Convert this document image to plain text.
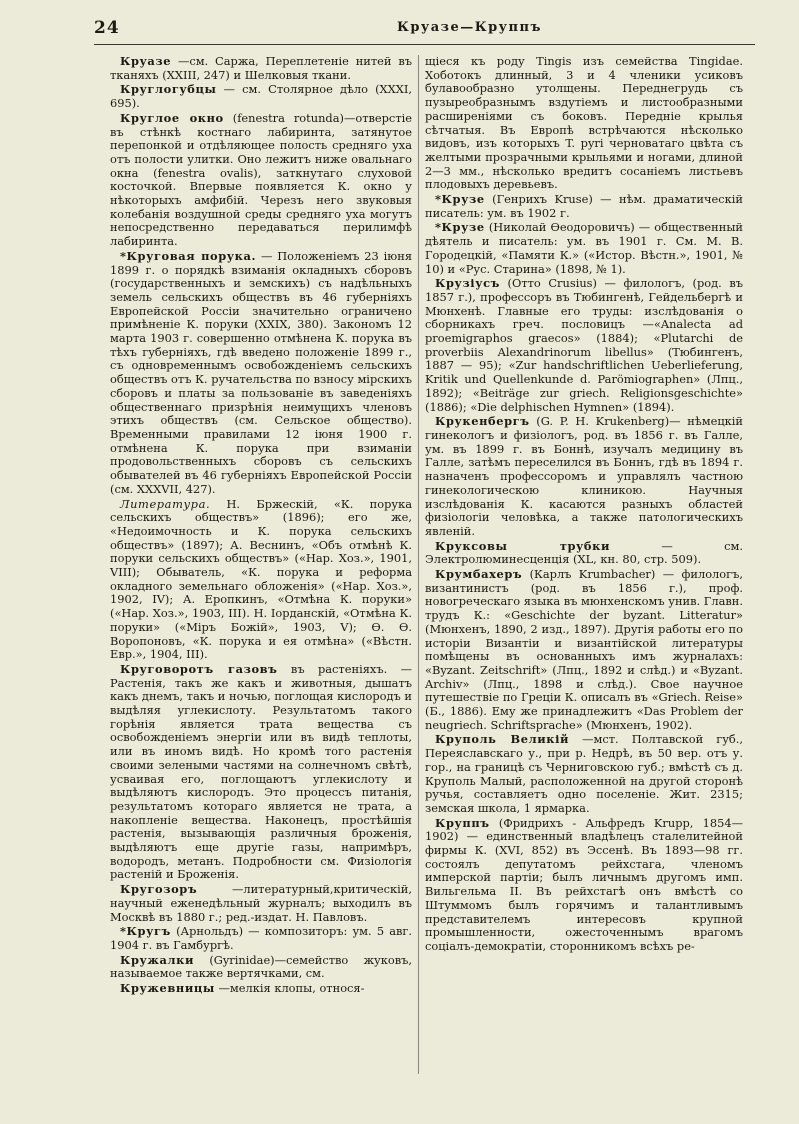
24	Круазе—Круппъ

Круазе —см. Саржа, Переплетеніе нитей въ тканяхъ (XXIII, 247) и Шелковыя ткани.

Круглогубцы — см. Столярное дѣло (XXXI, 695).

Круглое окно (fenestra rotunda)—отверстіе въ стѣнкѣ костнаго лабиринта, затянутое перепонкой и отдѣляющее полость средняго уха отъ полости улитки. Оно лежитъ ниже овальнаго окна (fenestra ovalis), заткнутаго слуховой косточкой. Впервые появляется К. окно у нѣкоторыхъ амфибій. Черезъ него звуковыя колебанія воздушной среды средняго уха могутъ непосредственно передаваться перилимфѣ лабиринта.

*Круговая порука. — Положеніемъ 23 іюня 1899 г. о порядкѣ взиманія окладныхъ сборовъ (государственныхъ и земскихъ) съ надѣльныхъ земель сельскихъ обществъ въ 46 губерніяхъ Европейской Россіи значительно ограничено примѣненіе К. поруки (XXIX, 380). Закономъ 12 марта 1903 г. совершенно отмѣнена К. порука въ тѣхъ губерніяхъ, гдѣ введено положеніе 1899 г., съ одновременнымъ освобожденіемъ сельскихъ обществъ отъ К. ручательства по взносу мірскихъ сборовъ и платы за пользованіе въ заведеніяхъ общественнаго призрѣнія неимущихъ членовъ этихъ обществъ (см. Сельское общество). Временными правилами 12 іюня 1900 г. отмѣнена К. порука при взиманіи продовольственныхъ сборовъ съ сельскихъ обывателей въ 46 губерніяхъ Европейской Россіи (см. XXXVII, 427).

Литература. Н. Бржескій, «К. порука сельскихъ обществъ» (1896); его же, «Недоимочность и К. порука сельскихъ обществъ» (1897); А. Веснинъ, «Объ отмѣнѣ К. поруки сельскихъ обществъ» («Нар. Хоз.», 1901, VIII); Обыватель, «К. порука и реформа окладного земельнаго обложенія» («Нар. Хоз.», 1902, IV); А. Еропкинъ, «Отмѣна К. поруки» («Нар. Хоз.», 1903, III). Н. Іорданскій, «Отмѣна К. поруки» («Міръ Божій», 1903, V); Ө. Ө. Воропоновъ, «К. порука и ея отмѣна» («Вѣстн. Евр.», 1904, III).

Круговоротъ газовъ въ растеніяхъ. —Растенія, такъ же какъ и животныя, дышатъ какъ днемъ, такъ и ночью, поглощая кислородъ и выдѣляя углекислоту. Результатомъ такого горѣнія является трата вещества съ освобожденіемъ энергіи или въ видѣ теплоты, или въ иномъ видѣ. Но кромѣ того растенія своими зелеными частями на солнечномъ свѣтѣ, усваивая его, поглощаютъ углекислоту и выдѣляютъ кислородъ. Это процессъ питанія, результатомъ котораго является не трата, а накопленіе вещества. Наконецъ, простѣйшія растенія, вызывающія различныя броженія, выдѣляютъ еще другіе газы, напримѣръ, водородъ, метанъ. Подробности см. Физіологія растеній и Броженія.

Кругозоръ	—литературный,критическій, научный еженедѣльный журналъ; выходилъ въ Москвѣ въ 1880 г.; ред.-издат. Н. Павловъ.

*Кругъ (Арнольдъ) — композиторъ: ум. 5 авг. 1904 г. въ Гамбургѣ.

Кружалки (Gyrinidae)—семейство жуковъ, называемое также вертячками, см.

Кружевницы —мелкія клопы, относя-

щіеся къ роду Tingis изъ семейства Tingidae. Хоботокъ длинный, 3 и 4 членики усиковъ булавообразно утолщены. Переднегрудь съ пузыреобразнымъ вздутіемъ и листообразными расширеніями съ боковъ. Передніе крылья сѣтчатыя. Въ Европѣ встрѣчаются нѣсколько видовъ, изъ которыхъ T. pyri черноватаго цвѣта съ желтыми прозрачными крыльями и ногами, длиной 2—3 мм., нѣсколько вредитъ сосанiемъ листьевъ плодовыхъ деревьевъ.

*Крузе (Генрихъ Kruse) — нѣм. драматическій писатель: ум. въ 1902 г.

*Крузе (Николай Өеодоровичъ) — общественный дѣятель и писатель: ум. въ 1901 г. См. М. В. Городецкій, «Памяти К.» («Истор. Вѣстн.», 1901, № 10) и «Рус. Старина» (1898, № 1).

Крузіусъ (Отто Crusius) — филологъ, (род. въ 1857 г.), профессоръ въ Тюбингенѣ, Гейдельбергѣ и Мюнхенѣ. Главные его труды: изслѣдованія о сборникахъ греч. пословицъ —«Analecta ad proemigraphos graecos» (1884); «Plutarchi de proverbiis Alexandrinorum libellus» (Тюбингенъ, 1887 — 95); «Zur handschriftlichen Ueberlieferung, Kritik und Quellenkunde d. Parömiographen» (Лпц., 1892); «Beiträge zur griech. Religionsgeschichte» (1886); «Die delphischen Hymnen» (1894).

Крукенбергъ (G. P. H. Krukenberg)— нѣмецкій гинекологъ и физіологъ, род. въ 1856 г. въ Галле, ум. въ 1899 г. въ Боннѣ, изучалъ медицину въ Галле, затѣмъ переселился въ Боннъ, гдѣ въ 1894 г. назначенъ профессоромъ и управлялъ частною гинекологическою клиникою. Научныя изслѣдованія К. касаются разныхъ областей физіологіи человѣка, а также патологическихъ явленій.

Круксовы трубки	— см. Электролюминесценція (XL, кн. 80, стр. 509).

Крумбахеръ (Карлъ Krumbacher) — филологъ, византинистъ (род. въ 1856 г.), проф. новогреческаго языка въ мюнхенскомъ унив. Главн. трудъ К.: «Geschichte der byzant. Litteratur» (Мюнхенъ, 1890, 2 изд., 1897). Другія работы его по исторіи Византіи и византійской литературы помѣщены въ основанныхъ имъ журналахъ: «Byzant. Zeitschrift» (Лпц., 1892 и слѣд.) и «Byzant. Archiv» (Лпц., 1898 и слѣд.). Свое научное путешествіе по Греціи К. описалъ въ «Griech. Reise» (Б., 1886). Ему же принадлежитъ «Das Problem der neugriech. Schriftsprache» (Мюнхенъ, 1902).

Круполь Великій —мст. Полтавской губ., Переяславскаго у., при р. Недрѣ, въ 50 вер. отъ у. гор., на границѣ съ Черниговскою губ.; вмѣстѣ съ д. Круполь Малый, расположенной на другой сторонѣ ручья, составляетъ одно поселеніе. Жит. 2315; земская школа, 1 ярмарка.

Круппъ (Фридрихъ - Альфредъ Krupp, 1854—1902) — единственный владѣлецъ сталелитейной фирмы К. (XVI, 852) въ Эссенѣ. Въ 1893—98 гг. состоялъ депутатомъ рейхстага, членомъ имперской партіи; былъ личнымъ другомъ имп. Вильгельма II. Въ рейхстагѣ онъ вмѣстѣ со Штуммомъ былъ горячимъ и талантливымъ представителемъ интересовъ крупной промышленности, ожесточеннымъ врагомъ соціалъ-демократіи, сторонникомъ всѣхъ ре-
